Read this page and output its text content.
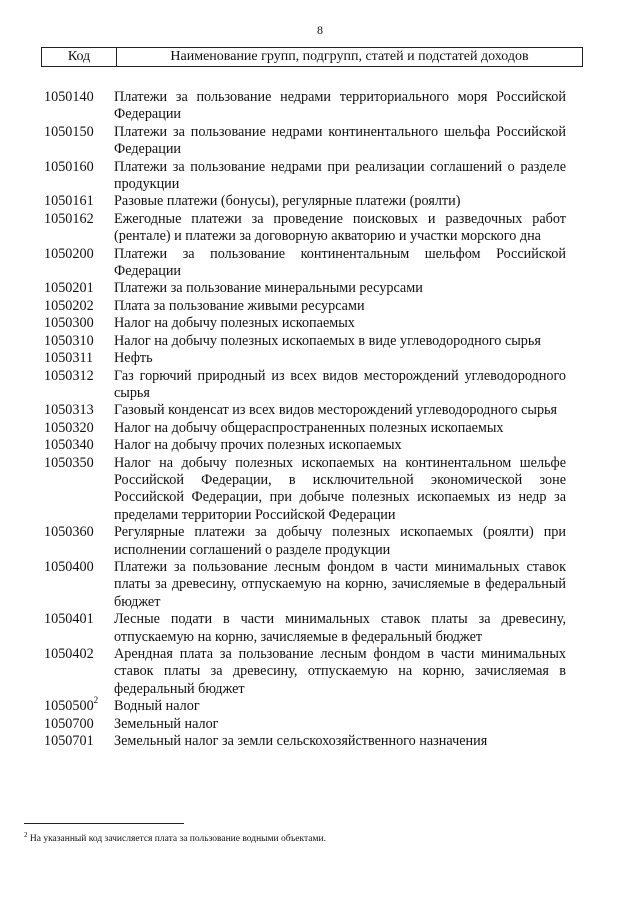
8
Код	Наименование групп, подгрупп, статей и подстатей доходов
1050140	Платежи за пользование недрами территориального моря Российской Федерации
1050150	Платежи за пользование недрами континентального шельфа Российской Федерации
1050160	Платежи за пользование недрами при реализации соглашений о разделе продукции
1050161	Разовые платежи (бонусы), регулярные платежи (роялти)
1050162	Ежегодные платежи за проведение поисковых и разведочных работ (рентале) и платежи за договорную акваторию и участки морского дна
1050200	Платежи за пользование континентальным шельфом Российской Федерации
1050201	Платежи за пользование минеральными ресурсами
1050202	Плата за пользование живыми ресурсами
1050300	Налог на добычу полезных ископаемых
1050310	Налог на добычу полезных ископаемых в виде углеводородного сырья
1050311	Нефть
1050312	Газ горючий природный из всех видов месторождений углеводородного сырья
1050313	Газовый конденсат из всех видов месторождений углеводородного сырья
1050320	Налог на добычу общераспространенных полезных ископаемых
1050340	Налог на добычу прочих полезных ископаемых
1050350	Налог на добычу полезных ископаемых на континентальном шельфе Российской Федерации, в исключительной экономической зоне Российской Федерации, при добыче полезных ископаемых из недр за пределами территории Российской Федерации
1050360	Регулярные платежи за добычу полезных ископаемых (роялти) при исполнении соглашений о разделе продукции
1050400	Платежи за пользование лесным фондом в части минимальных ставок платы за древесину, отпускаемую на корню, зачисляемые в федеральный бюджет
1050401	Лесные подати в части минимальных ставок платы за древесину, отпускаемую на корню, зачисляемые в федеральный бюджет
1050402	Арендная плата за пользование лесным фондом в части минимальных ставок платы за древесину, отпускаемую на корню, зачисляемая в федеральный бюджет
1050500$^2$ Водный налог
1050700	Земельный налог
1050701	Земельный налог за земли сельскохозяйственного назначения
$^2$ На указанный код зачисляется плата за пользование водными объектами.
